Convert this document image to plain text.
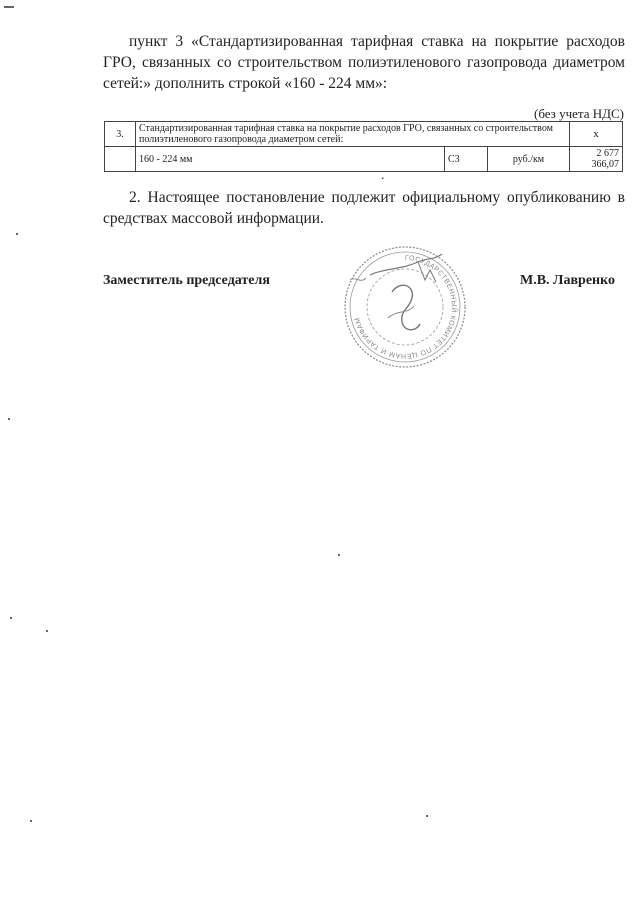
пункт 3 «Стандартизированная тарифная ставка на покрытие расходов ГРО, связанных со строительством полиэтиленового газопровода диаметром сетей:» дополнить строкой «160 - 224 мм»:

(без учета НДС)
3.	Стандартизированная тарифная ставка на покрытие расходов ГРО, связанных со строительством полиэтиленового газопровода диаметром сетей:			х
	160 - 224 мм	С3	руб./км	2 677
366,07
.

2. Настоящее постановление подлежит официальному опубликованию в средствах массовой информации.

Заместитель председателя	М.В. Лавренко
ГОСУДАРСТВЕННЫЙ КОМИТЕТ ПО ЦЕНАМ И ТАРИФАМ
